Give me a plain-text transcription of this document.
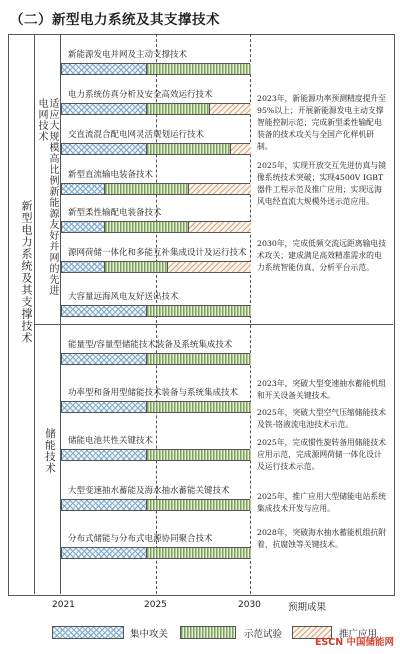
（二）新型电力系统及其支撑技术
新型电力系统及其支撑技术	适应大规模高比例新能源友好并网的先进电网技术
储能技术
新能源发电并网及主动支撑技术
电力系统仿真分析及安全高效运行技术
交直流混合配电网灵活规划运行技术
新型直流输电装备技术
新型柔性输配电装备技术
源网荷储一体化和多能互补集成设计及运行技术
大容量远海风电友好送出技术
能量型/容量型储能技术装备及系统集成技术
功率型和备用型储能技术装备与系统集成技术
储能电池共性关键技术
大型变速抽水蓄能及海水抽水蓄能关键技术
分布式储能与分布式电源协同聚合技术
2023年，新能源功率预测精度提升至95%以上；开展新能源发电主动支撑智能控制示范；完成新型柔性输配电装备的技术攻关与全国产化样机研制。
2025年，实现开放交互先进仿真与镜像系统技术突破；实现4500V IGBT器件工程示范及推广应用；实现远海风电经直流大规模外送示范应用。
2030年，完成低频交流远距离输电技术攻关；建成满足高效精准需求的电力系统智能仿真、分析平台示范。
2023年，突破大型变速抽水蓄能机组和开关设备关键技术。
2025年，突破大型空气压缩储能技术及铁-铬液流电池技术示范。
2025年，完成惯性旋转备用储能技术应用示范，完成源网荷储一体化设计及运行技术示范。
2025年，推广应用大型储能电站系统集成技术开发与应用。
2028年，突破海水抽水蓄能机组抗附着、抗腐蚀等关键技术。
2021	2025	2030	预期成果
集中攻关	示范试验	推广应用
ESCN 中国储能网
